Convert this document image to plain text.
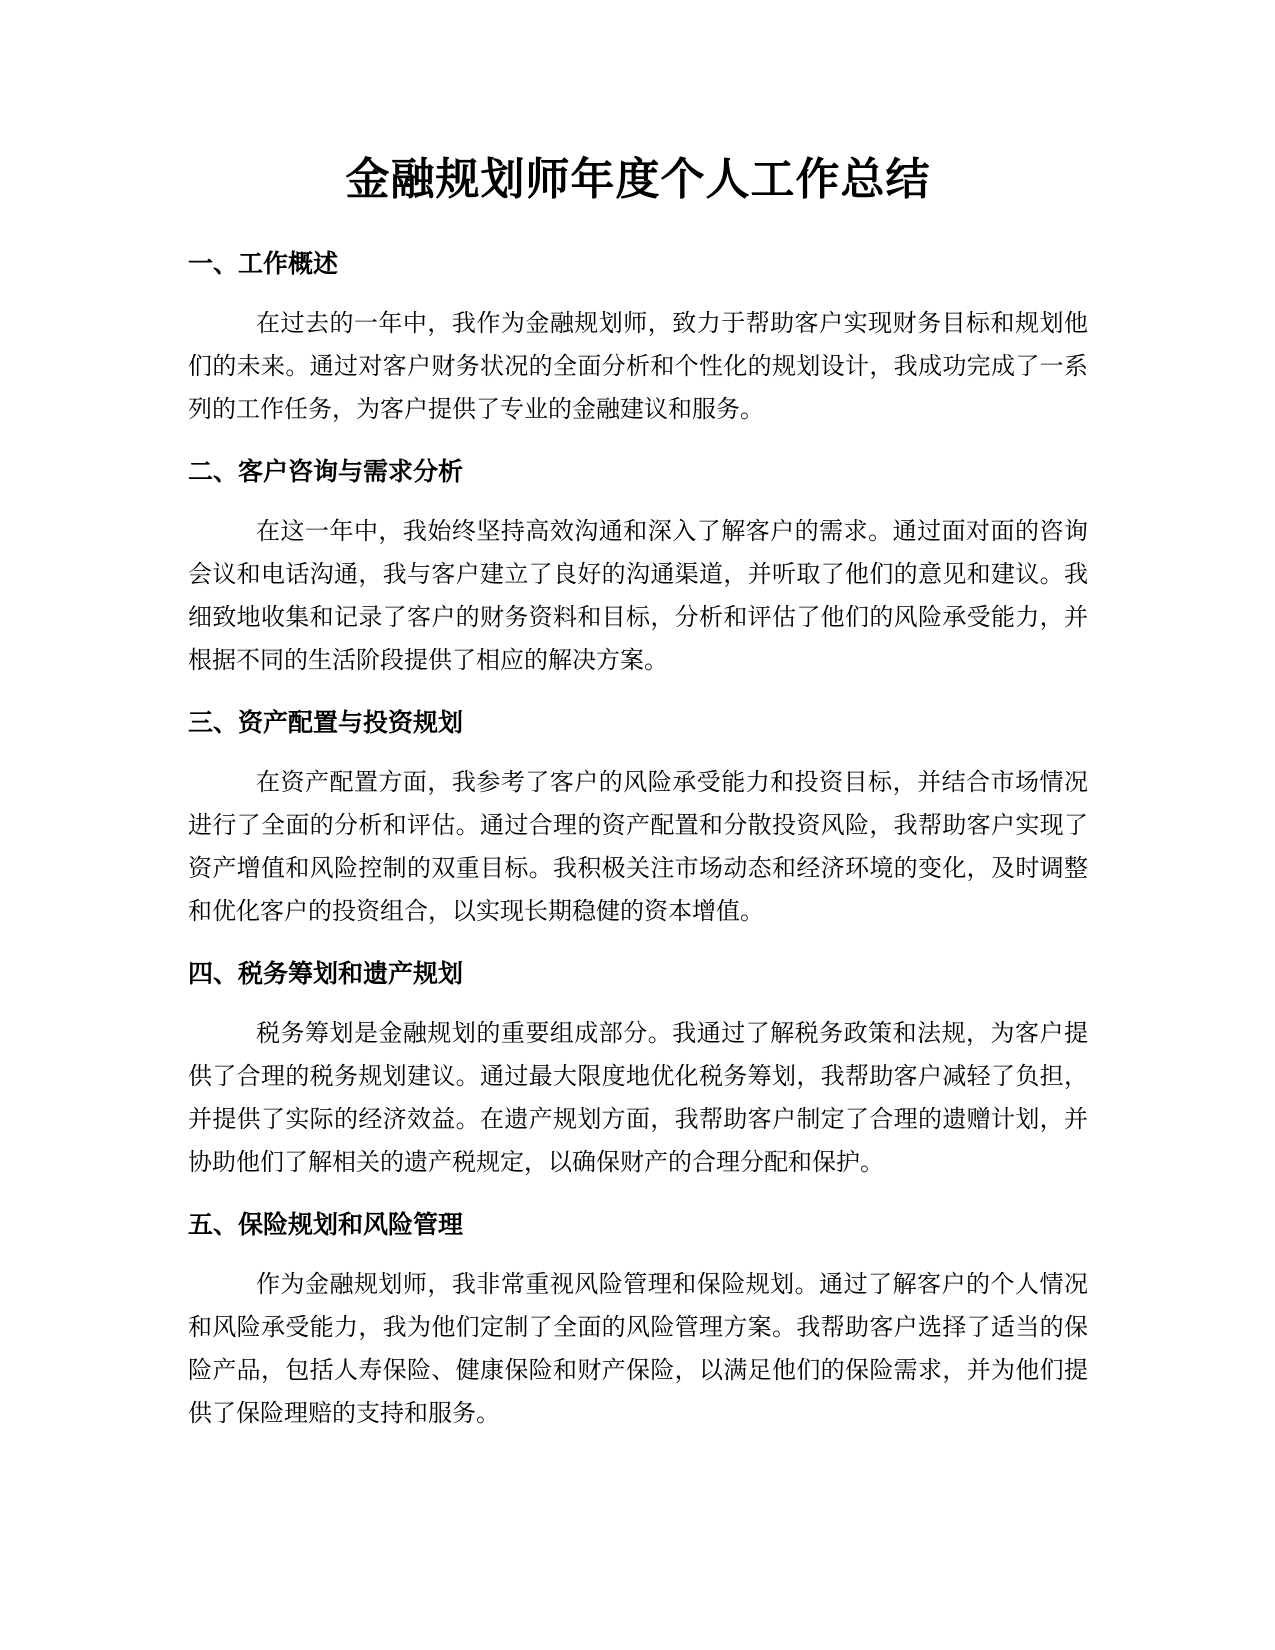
金融规划师年度个人工作总结
一、工作概述

在过去的一年中，我作为金融规划师，致力于帮助客户实现财务目标和规划他们的未来。通过对客户财务状况的全面分析和个性化的规划设计，我成功完成了一系列的工作任务，为客户提供了专业的金融建议和服务。

二、客户咨询与需求分析

在这一年中，我始终坚持高效沟通和深入了解客户的需求。通过面对面的咨询会议和电话沟通，我与客户建立了良好的沟通渠道，并听取了他们的意见和建议。我细致地收集和记录了客户的财务资料和目标，分析和评估了他们的风险承受能力，并根据不同的生活阶段提供了相应的解决方案。

三、资产配置与投资规划

在资产配置方面，我参考了客户的风险承受能力和投资目标，并结合市场情况进行了全面的分析和评估。通过合理的资产配置和分散投资风险，我帮助客户实现了资产增值和风险控制的双重目标。我积极关注市场动态和经济环境的变化，及时调整和优化客户的投资组合，以实现长期稳健的资本增值。

四、税务筹划和遗产规划

税务筹划是金融规划的重要组成部分。我通过了解税务政策和法规，为客户提供了合理的税务规划建议。通过最大限度地优化税务筹划，我帮助客户减轻了负担，并提供了实际的经济效益。在遗产规划方面，我帮助客户制定了合理的遗赠计划，并协助他们了解相关的遗产税规定，以确保财产的合理分配和保护。

五、保险规划和风险管理

作为金融规划师，我非常重视风险管理和保险规划。通过了解客户的个人情况和风险承受能力，我为他们定制了全面的风险管理方案。我帮助客户选择了适当的保险产品，包括人寿保险、健康保险和财产保险，以满足他们的保险需求，并为他们提供了保险理赔的支持和服务。
